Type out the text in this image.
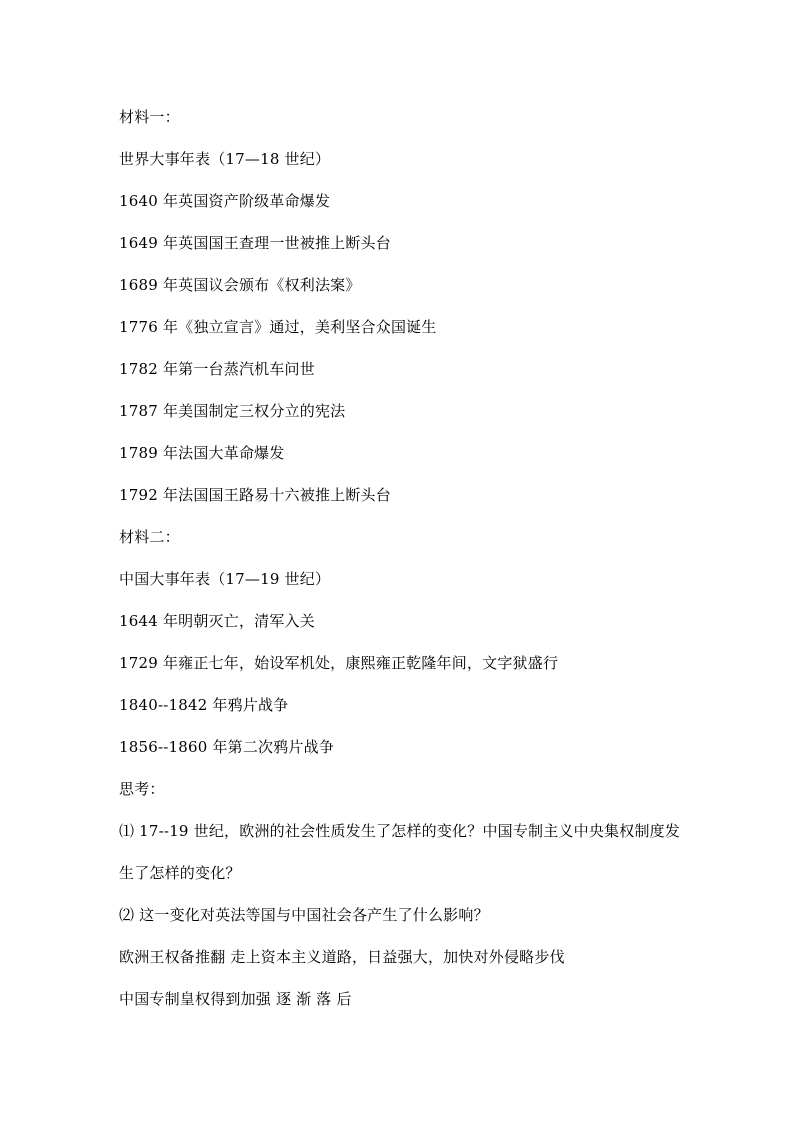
材料一：
世界大事年表（17—18 世纪）
1640 年英国资产阶级革命爆发
1649 年英国国王查理一世被推上断头台
1689 年英国议会颁布《权利法案》
1776 年《独立宣言》通过，美利坚合众国诞生
1782 年第一台蒸汽机车问世
1787 年美国制定三权分立的宪法
1789 年法国大革命爆发
1792 年法国国王路易十六被推上断头台
材料二：
中国大事年表（17—19 世纪）
1644 年明朝灭亡，清军入关
1729 年雍正七年，始设军机处，康熙雍正乾隆年间，文字狱盛行
1840--1842 年鸦片战争
1856--1860 年第二次鸦片战争
思考：
⑴ 17--19 世纪，欧洲的社会性质发生了怎样的变化？中国专制主义中央集权制度发
生了怎样的变化？
⑵ 这一变化对英法等国与中国社会各产生了什么影响？
欧洲王权备推翻 走上资本主义道路，日益强大，加快对外侵略步伐
中国专制皇权得到加强 逐 渐 落 后
